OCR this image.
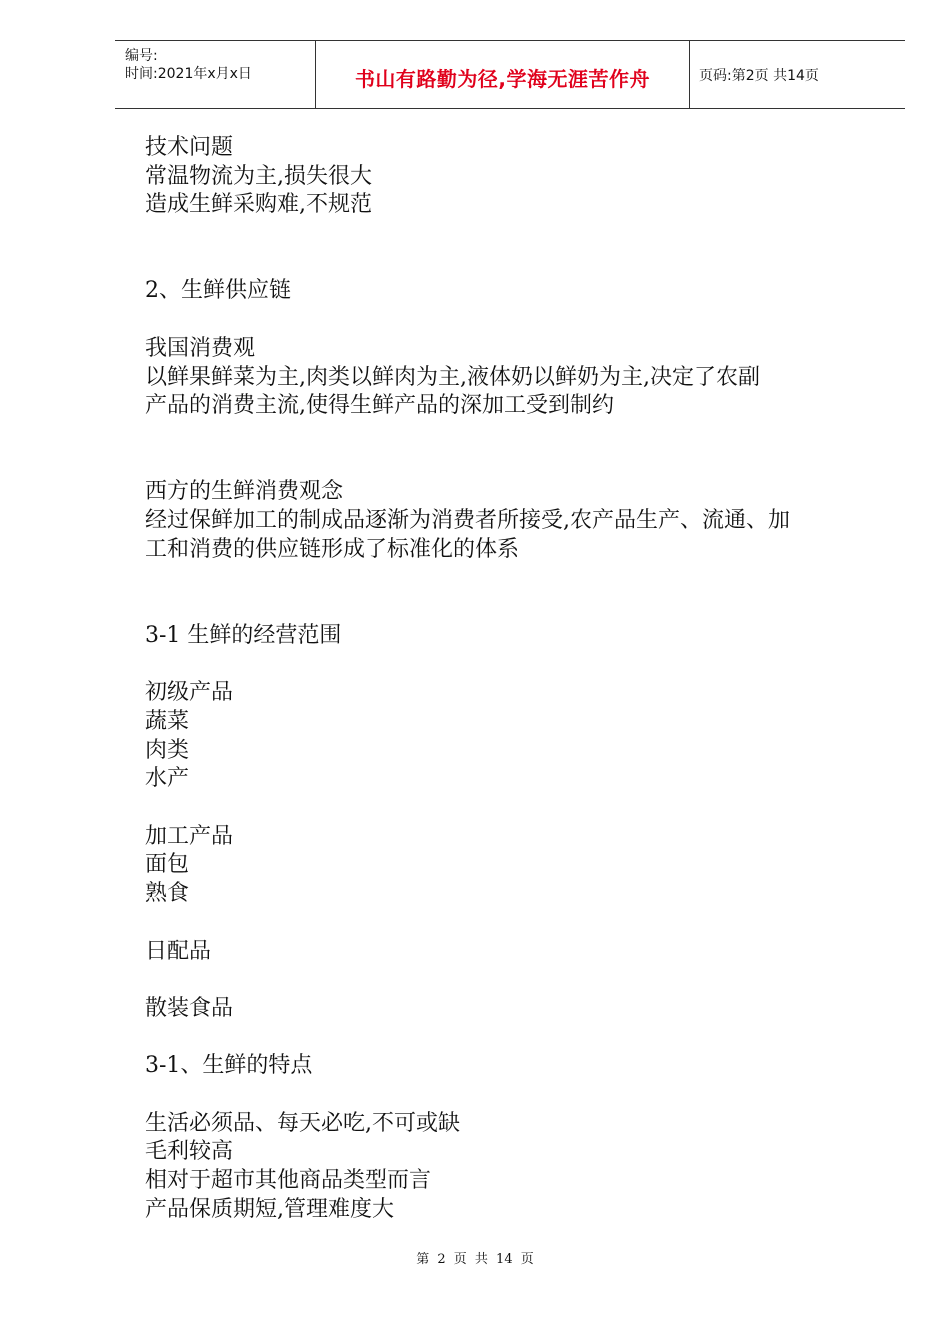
编号:
时间:2021年x月x日	书山有路勤为径,学海无涯苦作舟	页码:第2页 共14页

技术问题

常温物流为主,损失很大

造成生鲜采购难,不规范

2、生鲜供应链

我国消费观

以鲜果鲜菜为主,肉类以鲜肉为主,液体奶以鲜奶为主,决定了农副

产品的消费主流,使得生鲜产品的深加工受到制约

西方的生鲜消费观念

经过保鲜加工的制成品逐渐为消费者所接受,农产品生产、流通、加

工和消费的供应链形成了标准化的体系

3-1 生鲜的经营范围

初级产品

蔬菜

肉类

水产

加工产品

面包

熟食

日配品

散装食品

3-1、生鲜的特点

生活必须品、每天必吃,不可或缺

毛利较高

相对于超市其他商品类型而言

产品保质期短,管理难度大

第 2 页 共 14 页
